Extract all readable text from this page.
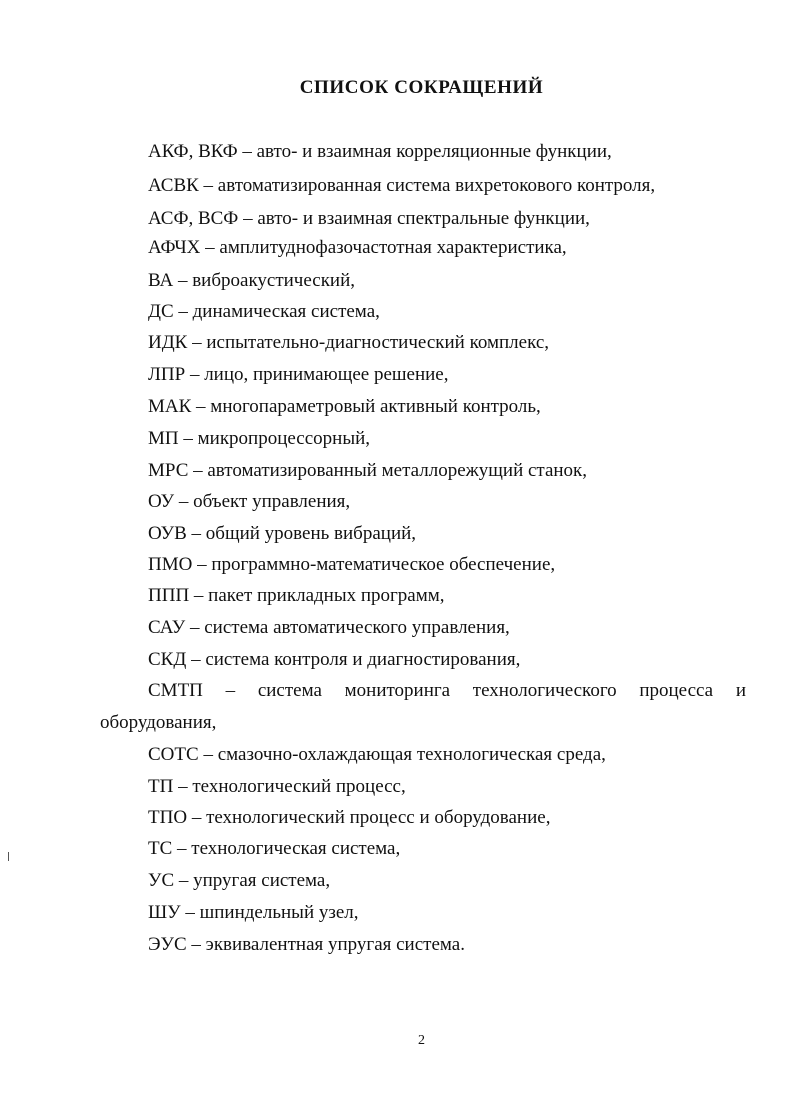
СПИСОК СОКРАЩЕНИЙ
АКФ, ВКФ – авто- и взаимная корреляционные функции,
АСВК – автоматизированная система вихретокового контроля,
АСФ, ВСФ – авто- и взаимная спектральные функции,
АФЧХ – амплитуднофазочастотная характеристика,
ВА – виброакустический,
ДС – динамическая система,
ИДК – испытательно-диагностический комплекс,
ЛПР – лицо, принимающее решение,
МАК – многопараметровый активный контроль,
МП – микропроцессорный,
МРС – автоматизированный металлорежущий станок,
ОУ – объект управления,
ОУВ – общий уровень вибраций,
ПМО – программно-математическое обеспечение,
ППП – пакет прикладных программ,
САУ – система автоматического управления,
СКД – система контроля и диагностирования,
СМТП – система мониторинга технологического процесса и
оборудования,
СОТС – смазочно-охлаждающая технологическая среда,
ТП – технологический процесс,
ТПО – технологический процесс и оборудование,
ТС – технологическая система,
УС – упругая система,
ШУ – шпиндельный узел,
ЭУС – эквивалентная упругая система.
2
